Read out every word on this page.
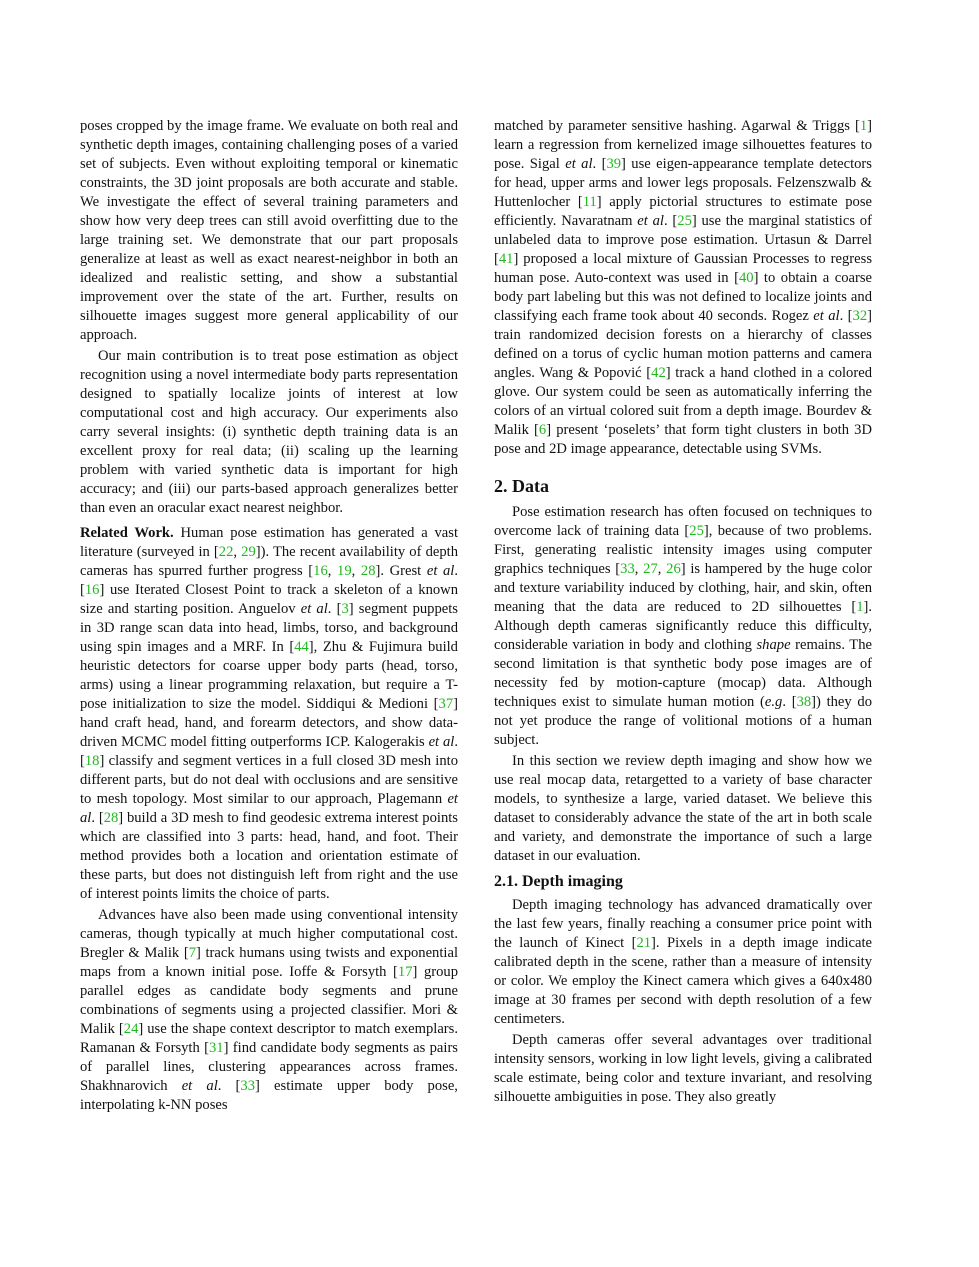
poses cropped by the image frame. We evaluate on both real and synthetic depth images, containing challenging poses of a varied set of subjects. Even without exploiting temporal or kinematic constraints, the 3D joint proposals are both accurate and stable. We investigate the effect of several training parameters and show how very deep trees can still avoid overfitting due to the large training set. We demonstrate that our part proposals generalize at least as well as exact nearest-neighbor in both an idealized and realistic setting, and show a substantial improvement over the state of the art. Further, results on silhouette images suggest more general applicability of our approach.

Our main contribution is to treat pose estimation as object recognition using a novel intermediate body parts representation designed to spatially localize joints of interest at low computational cost and high accuracy. Our experiments also carry several insights: (i) synthetic depth training data is an excellent proxy for real data; (ii) scaling up the learning problem with varied synthetic data is important for high accuracy; and (iii) our parts-based approach generalizes better than even an oracular exact nearest neighbor.

Related Work. Human pose estimation has generated a vast literature (surveyed in [22, 29]). The recent availability of depth cameras has spurred further progress [16, 19, 28]. Grest et al. [16] use Iterated Closest Point to track a skeleton of a known size and starting position. Anguelov et al. [3] segment puppets in 3D range scan data into head, limbs, torso, and background using spin images and a MRF. In [44], Zhu & Fujimura build heuristic detectors for coarse upper body parts (head, torso, arms) using a linear programming relaxation, but require a T-pose initialization to size the model. Siddiqui & Medioni [37] hand craft head, hand, and forearm detectors, and show data-driven MCMC model fitting outperforms ICP. Kalogerakis et al. [18] classify and segment vertices in a full closed 3D mesh into different parts, but do not deal with occlusions and are sensitive to mesh topology. Most similar to our approach, Plagemann et al. [28] build a 3D mesh to find geodesic extrema interest points which are classified into 3 parts: head, hand, and foot. Their method provides both a location and orientation estimate of these parts, but does not distinguish left from right and the use of interest points limits the choice of parts.

Advances have also been made using conventional intensity cameras, though typically at much higher computational cost. Bregler & Malik [7] track humans using twists and exponential maps from a known initial pose. Ioffe & Forsyth [17] group parallel edges as candidate body segments and prune combinations of segments using a projected classifier. Mori & Malik [24] use the shape context descriptor to match exemplars. Ramanan & Forsyth [31] find candidate body segments as pairs of parallel lines, clustering appearances across frames. Shakhnarovich et al. [33] estimate upper body pose, interpolating k-NN poses

matched by parameter sensitive hashing. Agarwal & Triggs [1] learn a regression from kernelized image silhouettes features to pose. Sigal et al. [39] use eigen-appearance template detectors for head, upper arms and lower legs proposals. Felzenszwalb & Huttenlocher [11] apply pictorial structures to estimate pose efficiently. Navaratnam et al. [25] use the marginal statistics of unlabeled data to improve pose estimation. Urtasun & Darrel [41] proposed a local mixture of Gaussian Processes to regress human pose. Auto-context was used in [40] to obtain a coarse body part labeling but this was not defined to localize joints and classifying each frame took about 40 seconds. Rogez et al. [32] train randomized decision forests on a hierarchy of classes defined on a torus of cyclic human motion patterns and camera angles. Wang & Popović [42] track a hand clothed in a colored glove. Our system could be seen as automatically inferring the colors of an virtual colored suit from a depth image. Bourdev & Malik [6] present ‘poselets’ that form tight clusters in both 3D pose and 2D image appearance, detectable using SVMs.

2. Data

Pose estimation research has often focused on techniques to overcome lack of training data [25], because of two problems. First, generating realistic intensity images using computer graphics techniques [33, 27, 26] is hampered by the huge color and texture variability induced by clothing, hair, and skin, often meaning that the data are reduced to 2D silhouettes [1]. Although depth cameras significantly reduce this difficulty, considerable variation in body and clothing shape remains. The second limitation is that synthetic body pose images are of necessity fed by motion-capture (mocap) data. Although techniques exist to simulate human motion (e.g. [38]) they do not yet produce the range of volitional motions of a human subject.

In this section we review depth imaging and show how we use real mocap data, retargetted to a variety of base character models, to synthesize a large, varied dataset. We believe this dataset to considerably advance the state of the art in both scale and variety, and demonstrate the importance of such a large dataset in our evaluation.

2.1. Depth imaging

Depth imaging technology has advanced dramatically over the last few years, finally reaching a consumer price point with the launch of Kinect [21]. Pixels in a depth image indicate calibrated depth in the scene, rather than a measure of intensity or color. We employ the Kinect camera which gives a 640x480 image at 30 frames per second with depth resolution of a few centimeters.

Depth cameras offer several advantages over traditional intensity sensors, working in low light levels, giving a calibrated scale estimate, being color and texture invariant, and resolving silhouette ambiguities in pose. They also greatly
